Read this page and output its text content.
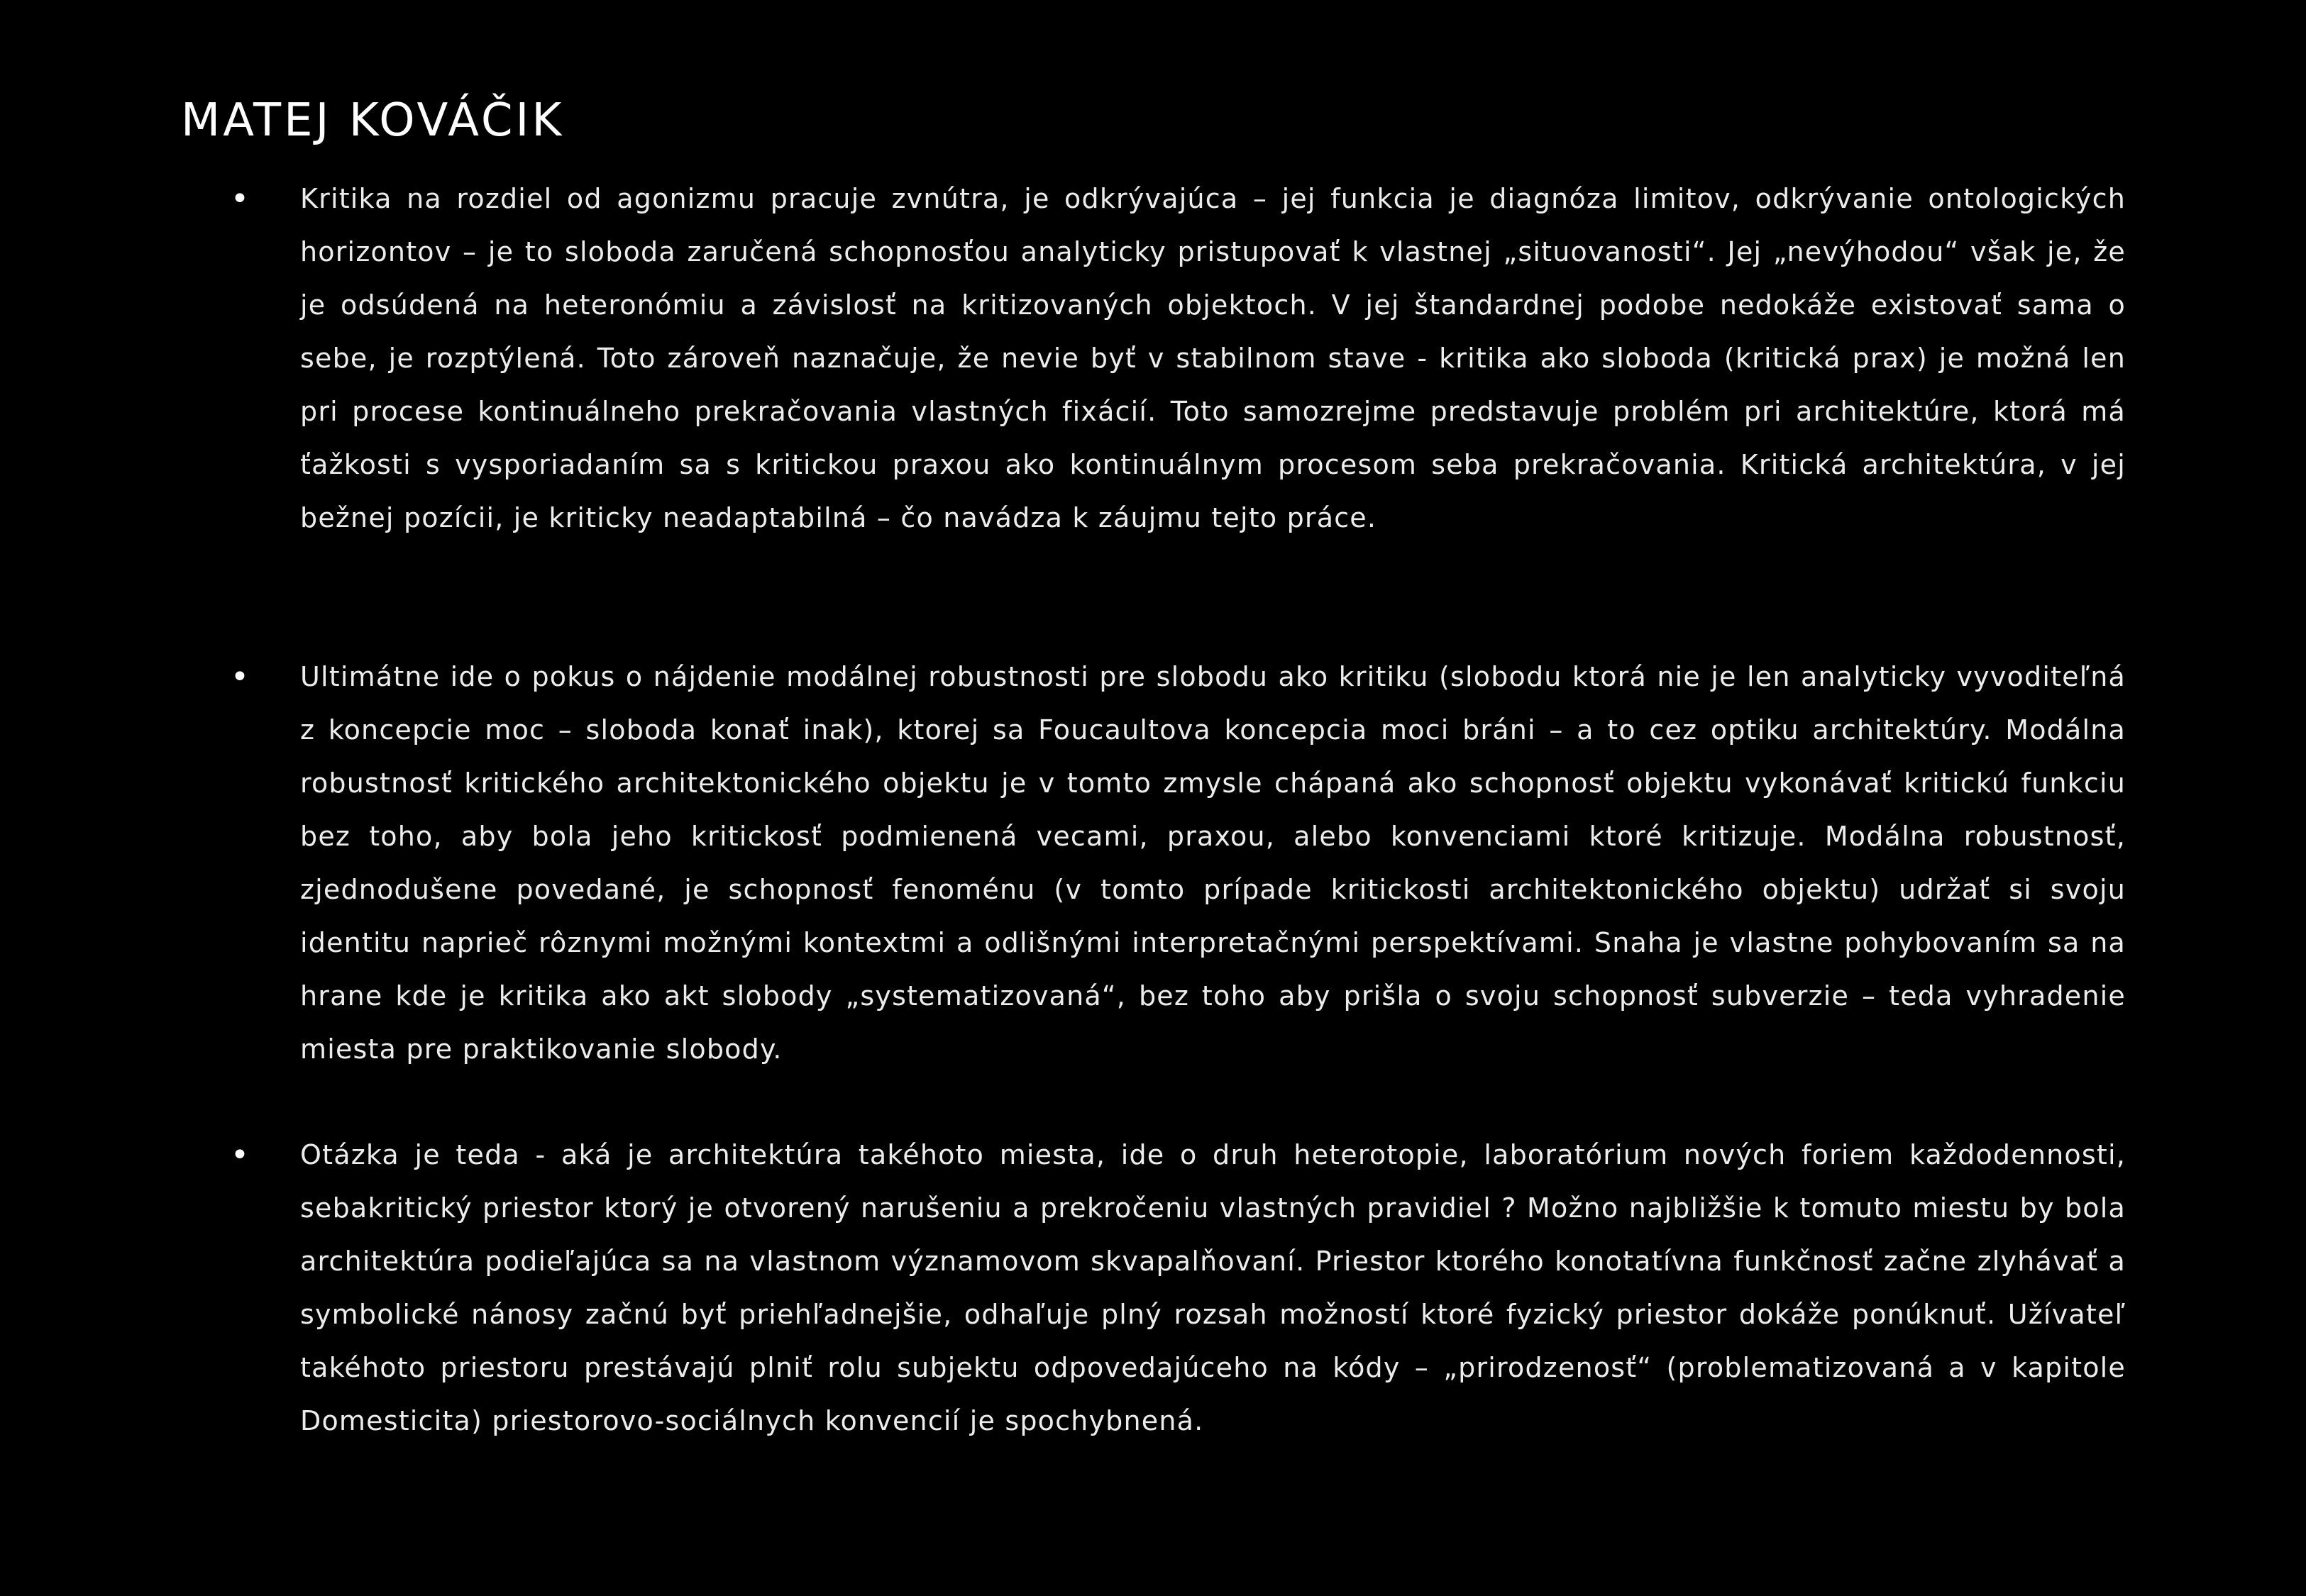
MATEJ KOVÁČIK
• Kritika na rozdiel od agonizmu pracuje zvnútra, je odkrývajúca – jej funkcia je diagnóza limitov, odkrývanie ontologických horizontov – je to sloboda zaručená schopnosťou analyticky pristupovať k vlastnej „situovanosti“. Jej „nevýhodou“ však je, že je odsúdená na heteronómiu a závislosť na kritizovaných objektoch. V jej štandardnej podobe nedokáže existovať sama o sebe, je rozptýlená. Toto zároveň naznačuje, že nevie byť v stabilnom stave - kritika ako sloboda (kritická prax) je možná len pri procese kontinuálneho prekračovania vlastných fixácií. Toto samozrejme predstavuje problém pri architektúre, ktorá má ťažkosti s vysporiadaním sa s kritickou praxou ako kontinuálnym procesom seba prekračovania. Kritická architektúra, v jej bežnej pozícii, je kriticky neadaptabilná – čo navádza k záujmu tejto práce.

• Ultimátne ide o pokus o nájdenie modálnej robustnosti pre slobodu ako kritiku (slobodu ktorá nie je len analyticky vyvoditeľná z koncepcie moc – sloboda konať inak), ktorej sa Foucaultova koncepcia moci bráni – a to cez optiku architektúry. Modálna robustnosť kritického architektonického objektu je v tomto zmysle chápaná ako schopnosť objektu vykonávať kritickú funkciu bez toho, aby bola jeho kritickosť podmienená vecami, praxou, alebo konvenciami ktoré kritizuje. Modálna robustnosť, zjednodušene povedané, je schopnosť fenoménu (v tomto prípade kritickosti architektonického objektu) udržať si svoju identitu naprieč rôznymi možnými kontextmi a odlišnými interpretačnými perspektívami. Snaha je vlastne pohybovaním sa na hrane kde je kritika ako akt slobody „systematizovaná“, bez toho aby prišla o svoju schopnosť subverzie – teda vyhradenie miesta pre praktikovanie slobody.

• Otázka je teda - aká je architektúra takéhoto miesta, ide o druh heterotopie, laboratórium nových foriem každodennosti, sebakritický priestor ktorý je otvorený narušeniu a prekročeniu vlastných pravidiel ? Možno najbližšie k tomuto miestu by bola architektúra podieľajúca sa na vlastnom významovom skvapalňovaní. Priestor ktorého konotatívna funkčnosť začne zlyhávať a symbolické nánosy začnú byť priehľadnejšie, odhaľuje plný rozsah možností ktoré fyzický priestor dokáže ponúknuť. Užívateľ takéhoto priestoru prestávajú plniť rolu subjektu odpovedajúceho na kódy – „prirodzenosť“ (problematizovaná a v kapitole Domesticita) priestorovo-sociálnych konvencií je spochybnená.
